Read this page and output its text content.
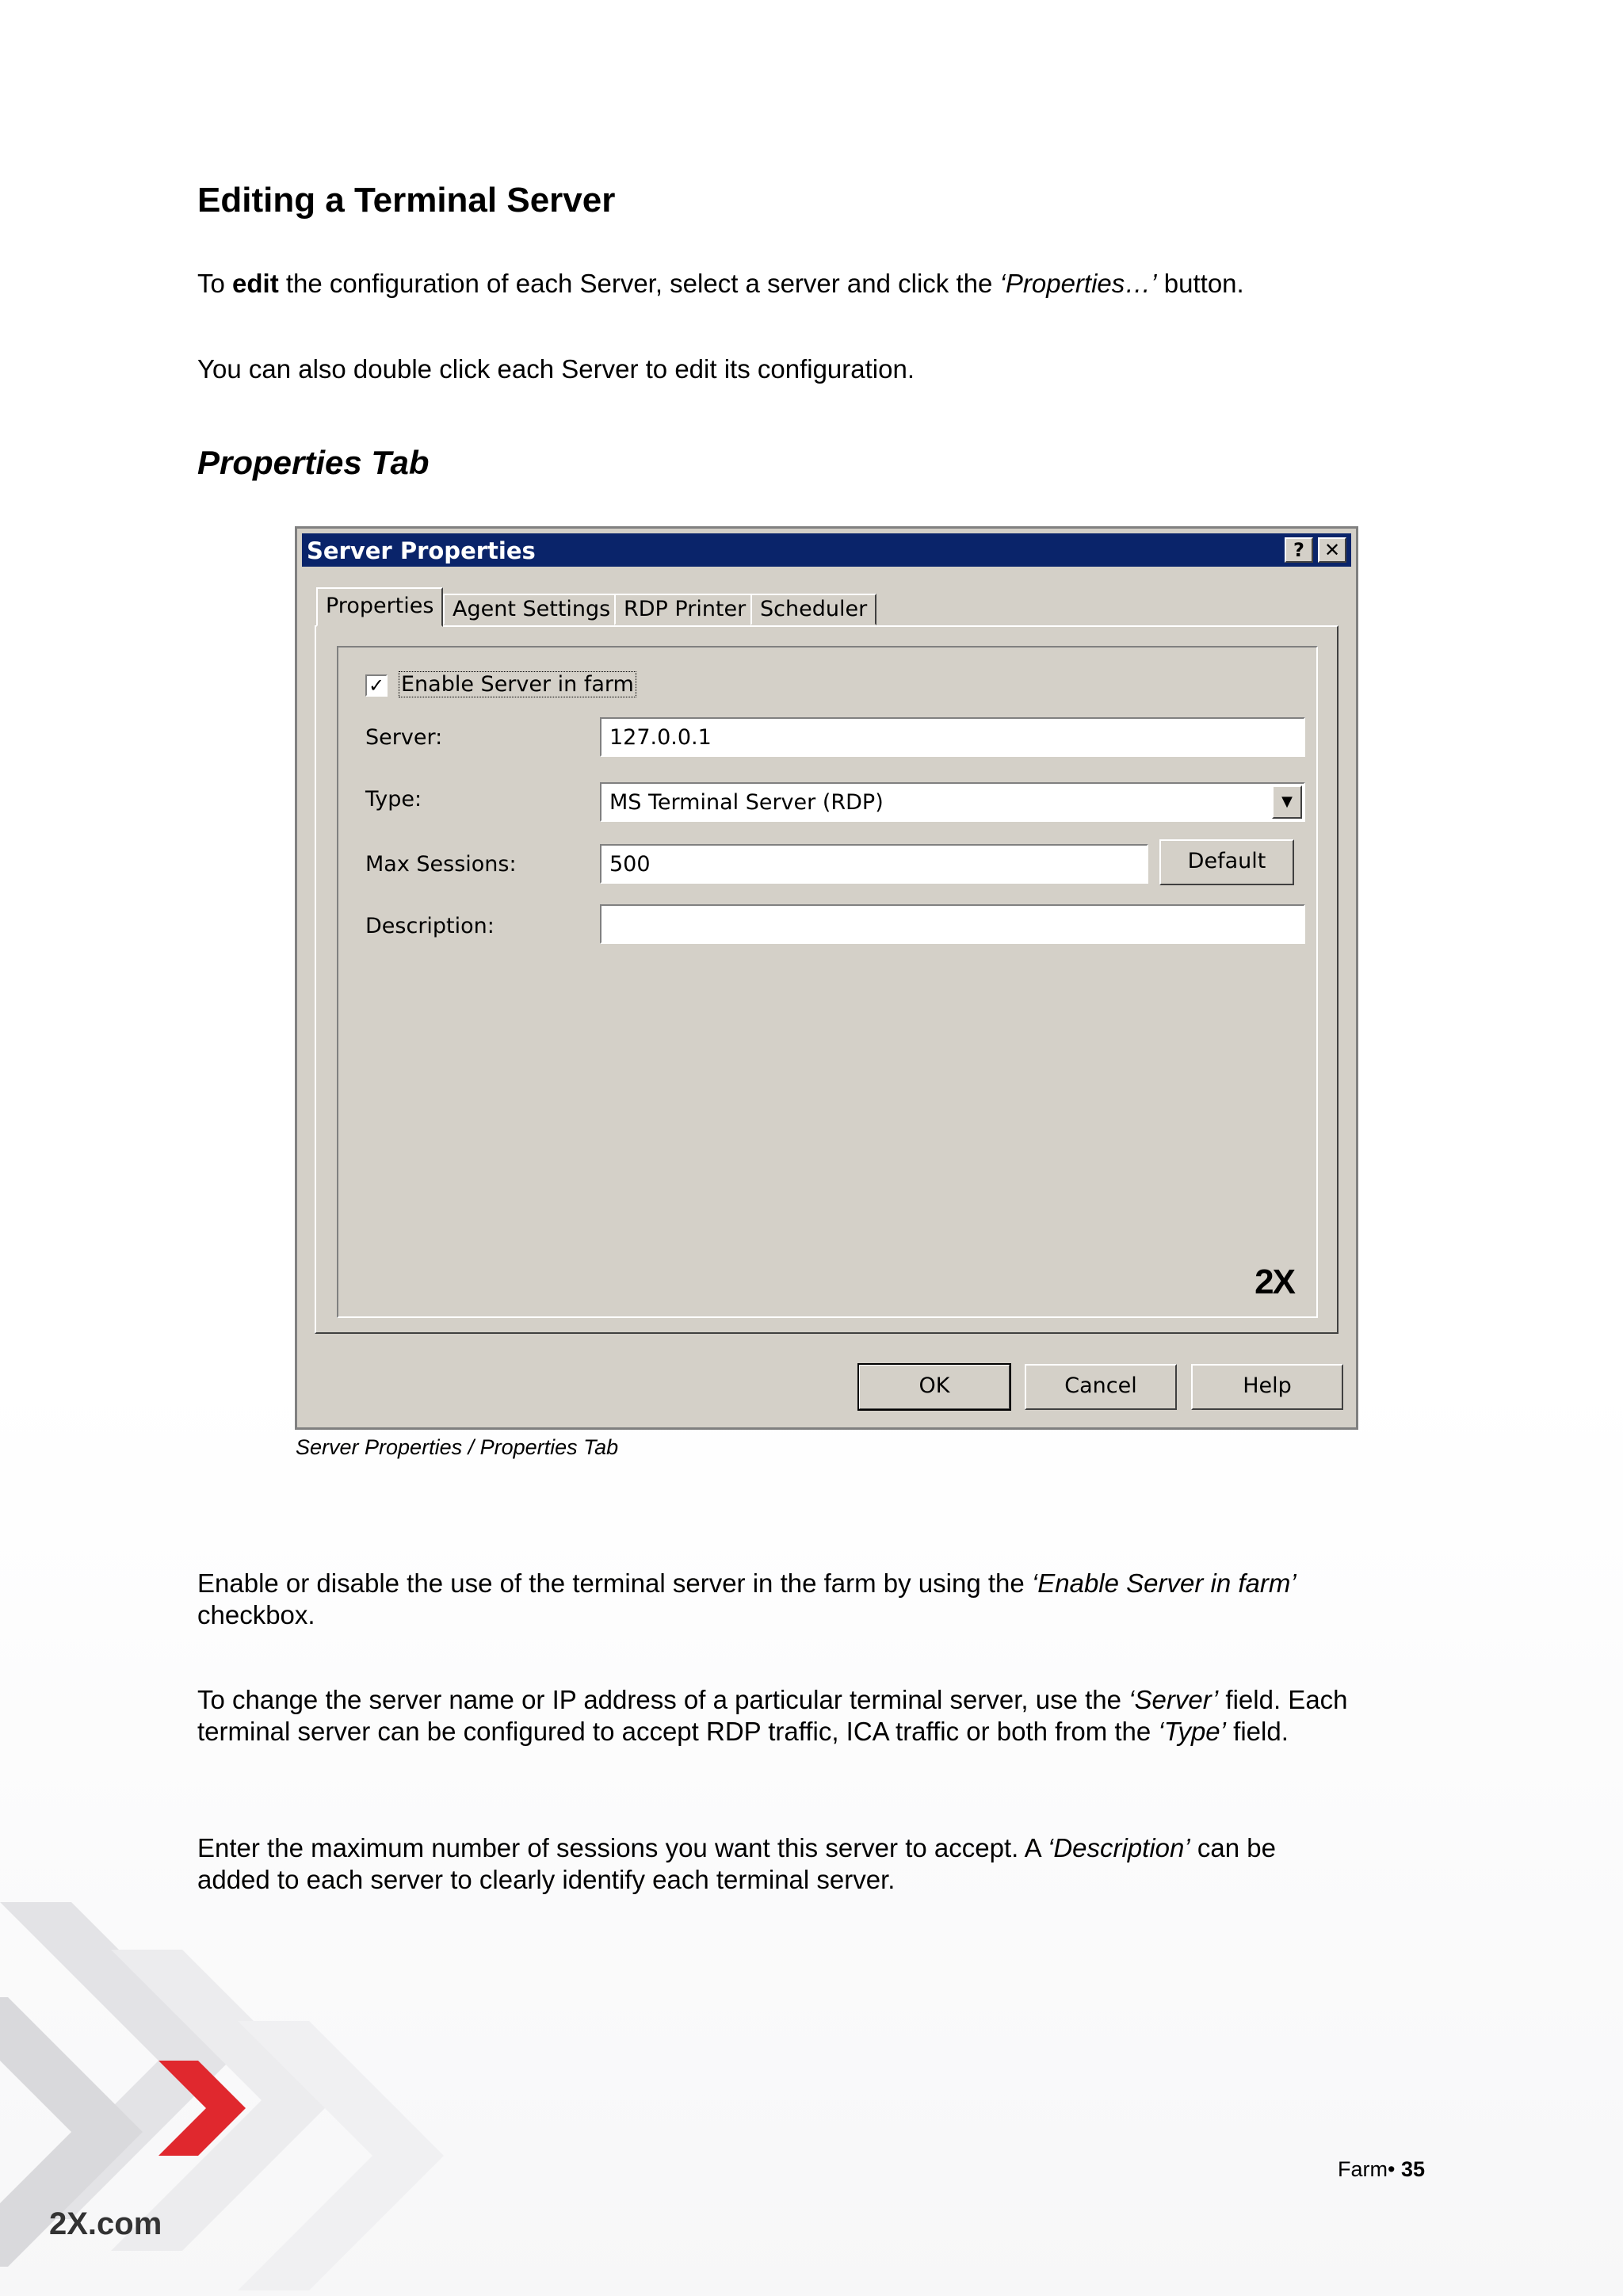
Editing a Terminal Server

To edit the configuration of each Server, select a server and click the ‘Properties…’ button.

You can also double click each Server to edit its configuration.

Properties Tab
Server Properties	?	✕
Properties Agent Settings RDP Printer Scheduler
✓ Enable Server in farm
Server:	127.0.0.1
Type:	MS Terminal Server (RDP)	▼
Max Sessions:	500	Default
Description:
2X
OK	Cancel	Help
Server Properties / Properties Tab

Enable or disable the use of the terminal server in the farm by using the ‘Enable Server in farm’ checkbox.

To change the server name or IP address of a particular terminal server, use the ‘Server’ field. Each terminal server can be configured to accept RDP traffic, ICA traffic or both from the ‘Type’ field.

Enter the maximum number of sessions you want this server to accept. A ‘Description’ can be added to each server to clearly identify each terminal server.

2X.com
Farm• 35
